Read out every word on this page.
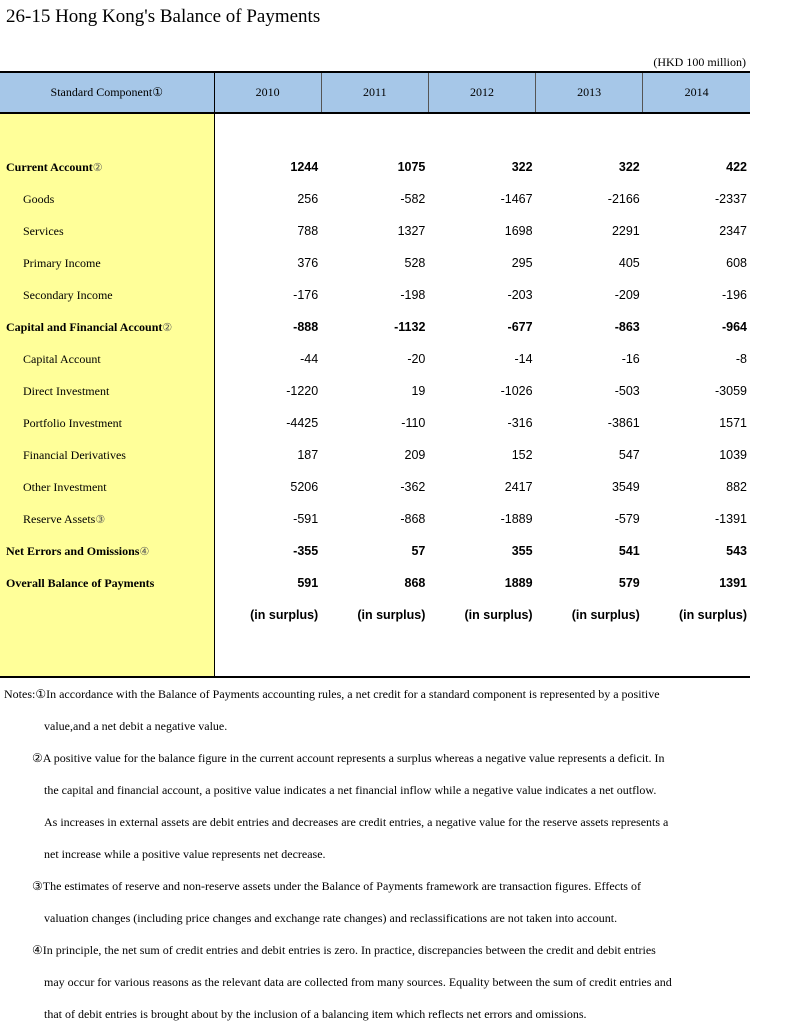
26-15 Hong Kong's Balance of Payments
(HKD 100 million)
Standard Component①	2010	2011	2012	2013	2014

Current Account②	1244	1075	322	322	422
Goods	256	-582	-1467	-2166	-2337
Services	788	1327	1698	2291	2347
Primary Income	376	528	295	405	608
Secondary Income	-176	-198	-203	-209	-196
Capital and Financial Account②	-888	-1132	-677	-863	-964
Capital Account	-44	-20	-14	-16	-8
Direct Investment	-1220	19	-1026	-503	-3059
Portfolio Investment	-4425	-110	-316	-3861	1571
Financial Derivatives	187	209	152	547	1039
Other Investment	5206	-362	2417	3549	882
Reserve Assets③	-591	-868	-1889	-579	-1391
Net Errors and Omissions④	-355	57	355	541	543
Overall Balance of Payments	591	868	1889	579	1391
	(in surplus)	(in surplus)	(in surplus)	(in surplus)	(in surplus)

Notes:①In accordance with the Balance of Payments accounting rules, a net credit for a standard component is represented by a positive
value,and a net debit a negative value.
②A positive value for the balance figure in the current account represents a surplus whereas a negative value represents a deficit. In
the capital and financial account, a positive value indicates a net financial inflow while a negative value indicates a net outflow.
As increases in external assets are debit entries and decreases are credit entries, a negative value for the reserve assets represents a
net increase while a positive value represents net decrease.
③The estimates of reserve and non-reserve assets under the Balance of Payments framework are transaction figures. Effects of
valuation changes (including price changes and exchange rate changes) and reclassifications are not taken into account.
④In principle, the net sum of credit entries and debit entries is zero. In practice, discrepancies between the credit and debit entries
may occur for various reasons as the relevant data are collected from many sources. Equality between the sum of credit entries and
that of debit entries is brought about by the inclusion of a balancing item which reflects net errors and omissions.
